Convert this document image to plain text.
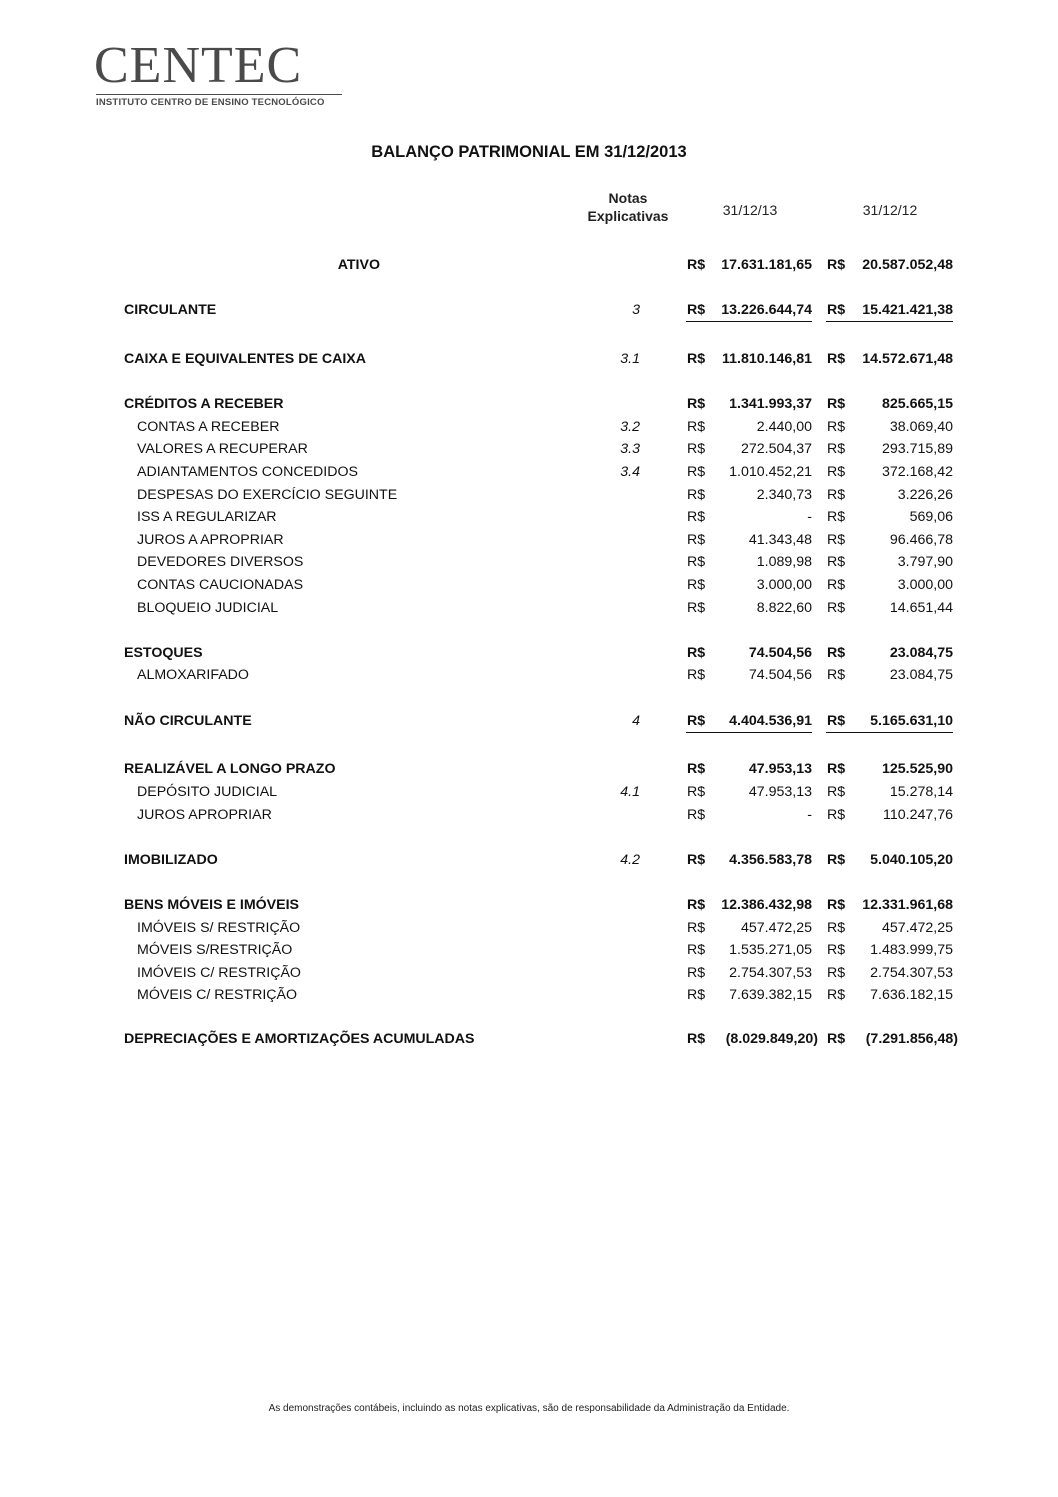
CENTEC
INSTITUTO CENTRO DE ENSINO TECNOLÓGICO
BALANÇO PATRIMONIAL EM 31/12/2013
Notas
Explicativas	31/12/13	31/12/12
ATIVO	R$	17.631.181,65 R$	20.587.052,48
CIRCULANTE	3	R$	13.226.644,74 R$	15.421.421,38
CAIXA E EQUIVALENTES DE CAIXA	3.1	R$	11.810.146,81 R$	14.572.671,48
CRÉDITOS A RECEBER	R$	1.341.993,37 R$	825.665,15
CONTAS A RECEBER	3.2	R$	2.440,00 R$	38.069,40
VALORES A RECUPERAR	3.3	R$	272.504,37 R$	293.715,89
ADIANTAMENTOS CONCEDIDOS	3.4	R$	1.010.452,21 R$	372.168,42
DESPESAS DO EXERCÍCIO SEGUINTE	R$	2.340,73 R$	3.226,26
ISS A REGULARIZAR	R$	- R$	569,06
JUROS A APROPRIAR	R$	41.343,48 R$	96.466,78
DEVEDORES DIVERSOS	R$	1.089,98 R$	3.797,90
CONTAS CAUCIONADAS	R$	3.000,00 R$	3.000,00
BLOQUEIO JUDICIAL	R$	8.822,60 R$	14.651,44
ESTOQUES	R$	74.504,56 R$	23.084,75
ALMOXARIFADO	R$	74.504,56 R$	23.084,75
NÃO CIRCULANTE	4	R$	4.404.536,91 R$	5.165.631,10
REALIZÁVEL A LONGO PRAZO	R$	47.953,13 R$	125.525,90
DEPÓSITO JUDICIAL	4.1	R$	47.953,13 R$	15.278,14
JUROS APROPRIAR	R$	- R$	110.247,76
IMOBILIZADO	4.2	R$	4.356.583,78 R$	5.040.105,20
BENS MÓVEIS E IMÓVEIS	R$	12.386.432,98 R$	12.331.961,68
IMÓVEIS S/ RESTRIÇÃO	R$	457.472,25 R$	457.472,25
MÓVEIS S/RESTRIÇÃO	R$	1.535.271,05 R$	1.483.999,75
IMÓVEIS C/ RESTRIÇÃO	R$	2.754.307,53 R$	2.754.307,53
MÓVEIS C/ RESTRIÇÃO	R$	7.639.382,15 R$	7.636.182,15
DEPRECIAÇÕES E AMORTIZAÇÕES ACUMULADAS	R$	(8.029.849,20) R$	(7.291.856,48)
As demonstrações contábeis, incluindo as notas explicativas, são de responsabilidade da Administração da Entidade.
